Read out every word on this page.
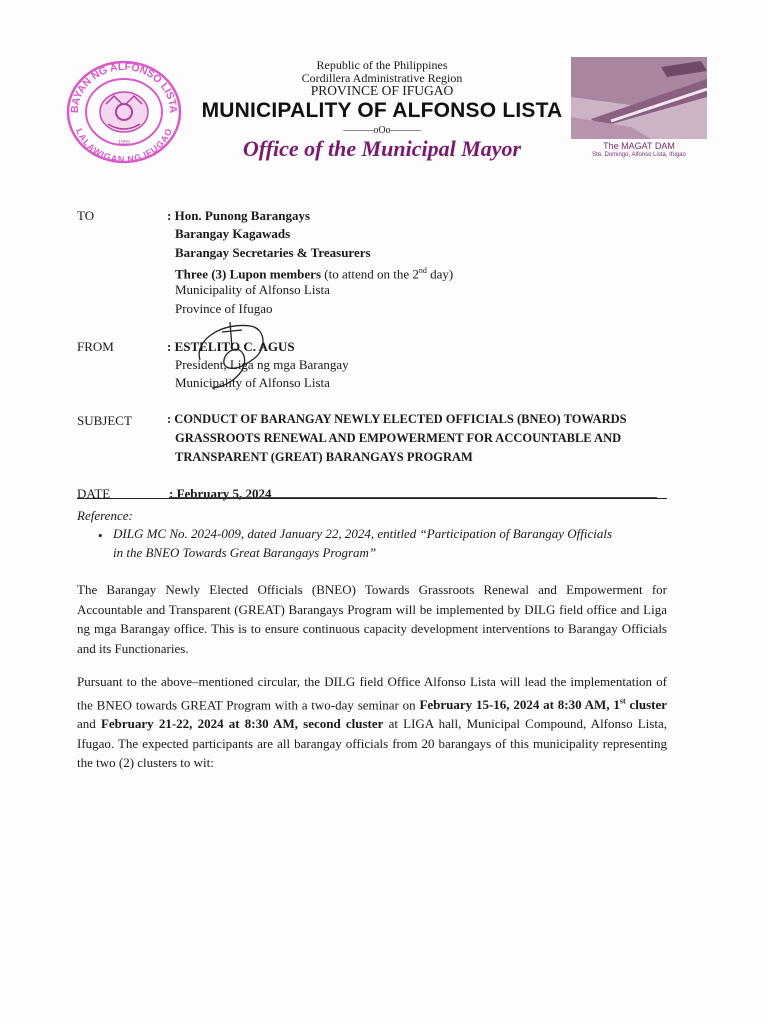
BAYAN NG ALFONSO LISTA
LALAWIGAN NG IFUGAO
1955
Republic of the Philippines
Cordillera Administrative Region
PROVINCE OF IFUGAO
MUNICIPALITY OF ALFONSO LISTA
———oOo———
Office of the Municipal Mayor	The MAGAT DAM
Sto. Domingo, Alfonso Lista, Ifugao
TO	: Hon. Punong Barangays
Barangay Kagawads
Barangay Secretaries & Treasurers
Three (3) Lupon members (to attend on the 2nd day)
Municipality of Alfonso Lista
Province of Ifugao
FROM	: ESTELITO C. AGUS
President, Liga ng mga Barangay
Municipality of Alfonso Lista
SUBJECT	: CONDUCT OF BARANGAY NEWLY ELECTED OFFICIALS (BNEO) TOWARDS
GRASSROOTS RENEWAL AND EMPOWERMENT FOR ACCOUNTABLE AND
TRANSPARENT (GREAT) BARANGAYS PROGRAM
DATE	: February 5, 2024
Reference:
• DILG MC No. 2024-009, dated January 22, 2024, entitled “Participation of Barangay Officials
in the BNEO Towards Great Barangays Program”
The Barangay Newly Elected Officials (BNEO) Towards Grassroots Renewal and Empowerment for Accountable and Transparent (GREAT) Barangays Program will be implemented by DILG field office and Liga ng mga Barangay office. This is to ensure continuous capacity development interventions to Barangay Officials and its Functionaries.
Pursuant to the above–mentioned circular, the DILG field Office Alfonso Lista will lead the implementation of the BNEO towards GREAT Program with a two-day seminar on February 15-16, 2024 at 8:30 AM, 1st cluster and February 21-22, 2024 at 8:30 AM, second cluster at LIGA hall, Municipal Compound, Alfonso Lista, Ifugao. The expected participants are all barangay officials from 20 barangays of this municipality representing the two (2) clusters to wit:
